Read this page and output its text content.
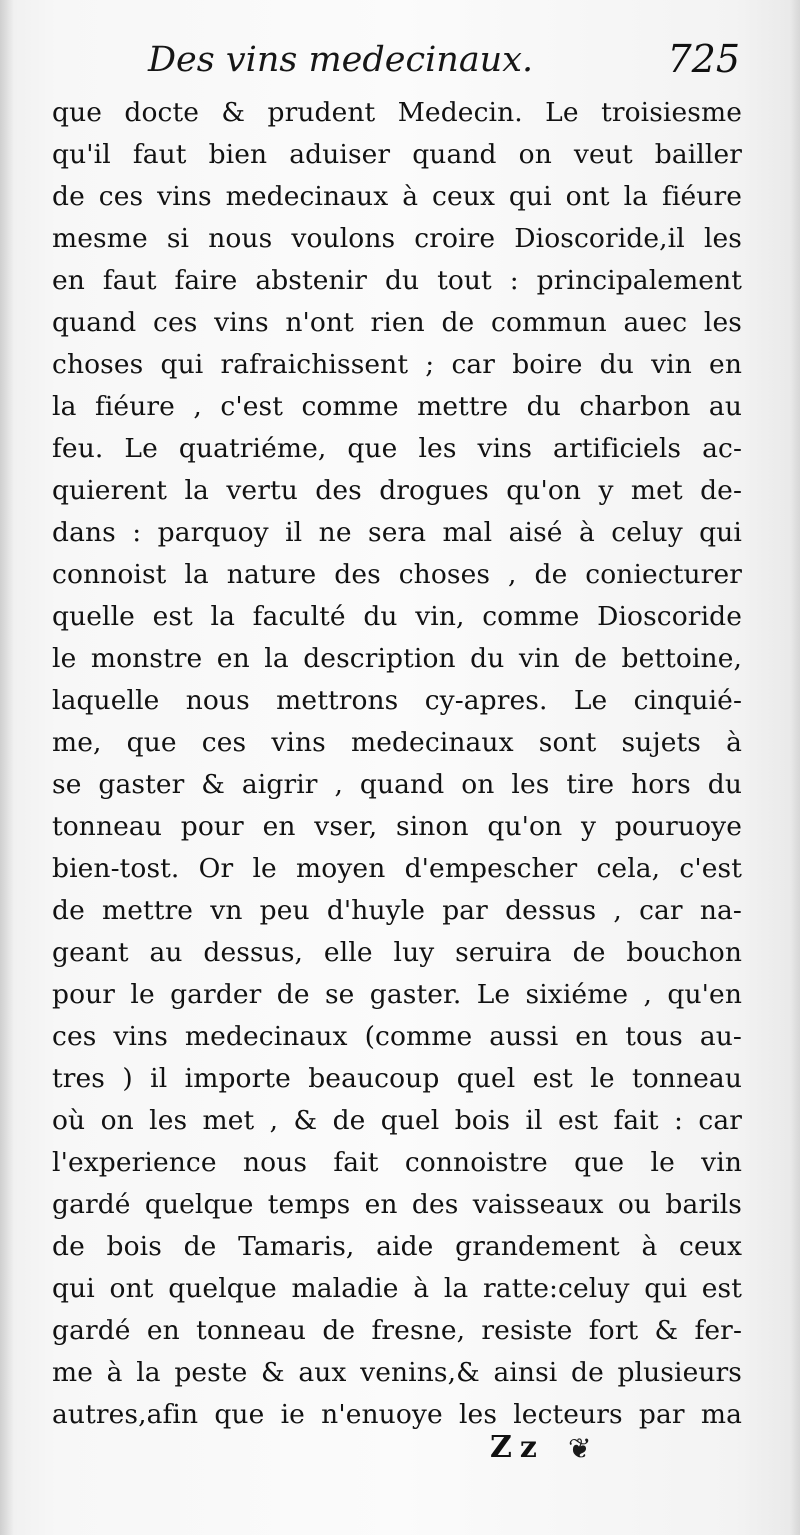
Des vins medecinaux.	725
que docte & prudent Medecin. Le troisiesme
qu'il faut bien aduiser quand on veut bailler
de ces vins medecinaux à ceux qui ont la fiéure
mesme si nous voulons croire Dioscoride,il les
en faut faire abstenir du tout : principalement
quand ces vins n'ont rien de commun auec les
choses qui rafraichissent ; car boire du vin en
la fiéure , c'est comme mettre du charbon au
feu. Le quatriéme, que les vins artificiels ac-
quierent la vertu des drogues qu'on y met de-
dans : parquoy il ne sera mal aisé à celuy qui
connoist la nature des choses , de coniecturer
quelle est la faculté du vin, comme Dioscoride
le monstre en la description du vin de bettoine,
laquelle nous mettrons cy-apres. Le cinquié-
me, que ces vins medecinaux sont sujets à
se gaster & aigrir , quand on les tire hors du
tonneau pour en vser, sinon qu'on y pouruoye
bien-tost. Or le moyen d'empescher cela, c'est
de mettre vn peu d'huyle par dessus , car na-
geant au dessus, elle luy seruira de bouchon
pour le garder de se gaster. Le sixiéme , qu'en
ces vins medecinaux (comme aussi en tous au-
tres ) il importe beaucoup quel est le tonneau
où on les met , & de quel bois il est fait : car
l'experience nous fait connoistre que le vin
gardé quelque temps en des vaisseaux ou barils
de bois de Tamaris, aide grandement à ceux
qui ont quelque maladie à la ratte:celuy qui est
gardé en tonneau de fresne, resiste fort & fer-
me à la peste & aux venins,& ainsi de plusieurs
autres,afin que ie n'enuoye les lecteurs par ma
Zz ❦
